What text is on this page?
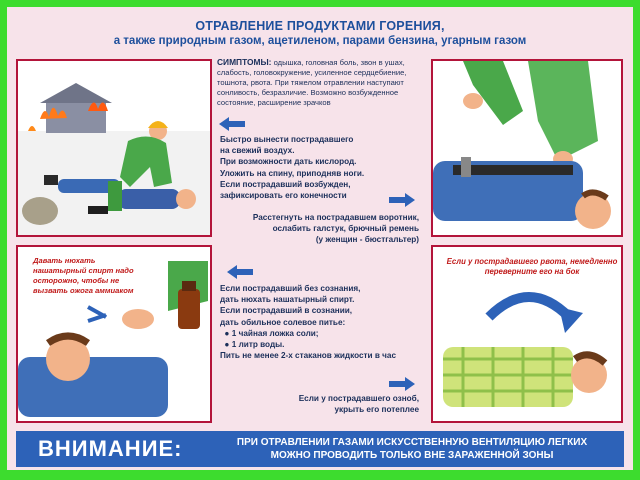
ОТРАВЛЕНИЕ ПРОДУКТАМИ ГОРЕНИЯ,
а также природным газом, ацетиленом, парами бензина, угарным газом
СИМПТОМЫ: одышка, головная боль, звон в ушах, слабость, головокружение, усиленное сердцебиение, тошнота, рвота. При тяжелом отравлении наступают сонливость, безразличие. Возможно возбужденное состояние, расширение зрачков
Быстро вынести пострадавшего
на свежий воздух.
При возможности дать кислород.
Уложить на спину, приподняв ноги.
Если пострадавший возбужден,
зафиксировать его конечности
Расстегнуть на пострадавшем воротник,
ослабить галстук, брючный ремень
(у женщин - бюстгальтер)
Давать нюхать нашатырный спирт надо осторожно, чтобы не вызвать ожога аммиаком	Если пострадавший без сознания,
дать нюхать нашатырный спирт.
Если пострадавший в сознании,
дать обильное солевое питье:
● 1 чайная ложка соли;
● 1 литр воды.
Пить не менее 2-х стаканов жидкости в час
Если у пострадавшего озноб,
укрыть его потеплее
Если у пострадавшего рвота, немедленно переверните его на бок
ВНИМАНИЕ:	ПРИ ОТРАВЛЕНИИ ГАЗАМИ ИСКУССТВЕННУЮ ВЕНТИЛЯЦИЮ ЛЕГКИХ
МОЖНО ПРОВОДИТЬ ТОЛЬКО ВНЕ ЗАРАЖЕННОЙ ЗОНЫ
